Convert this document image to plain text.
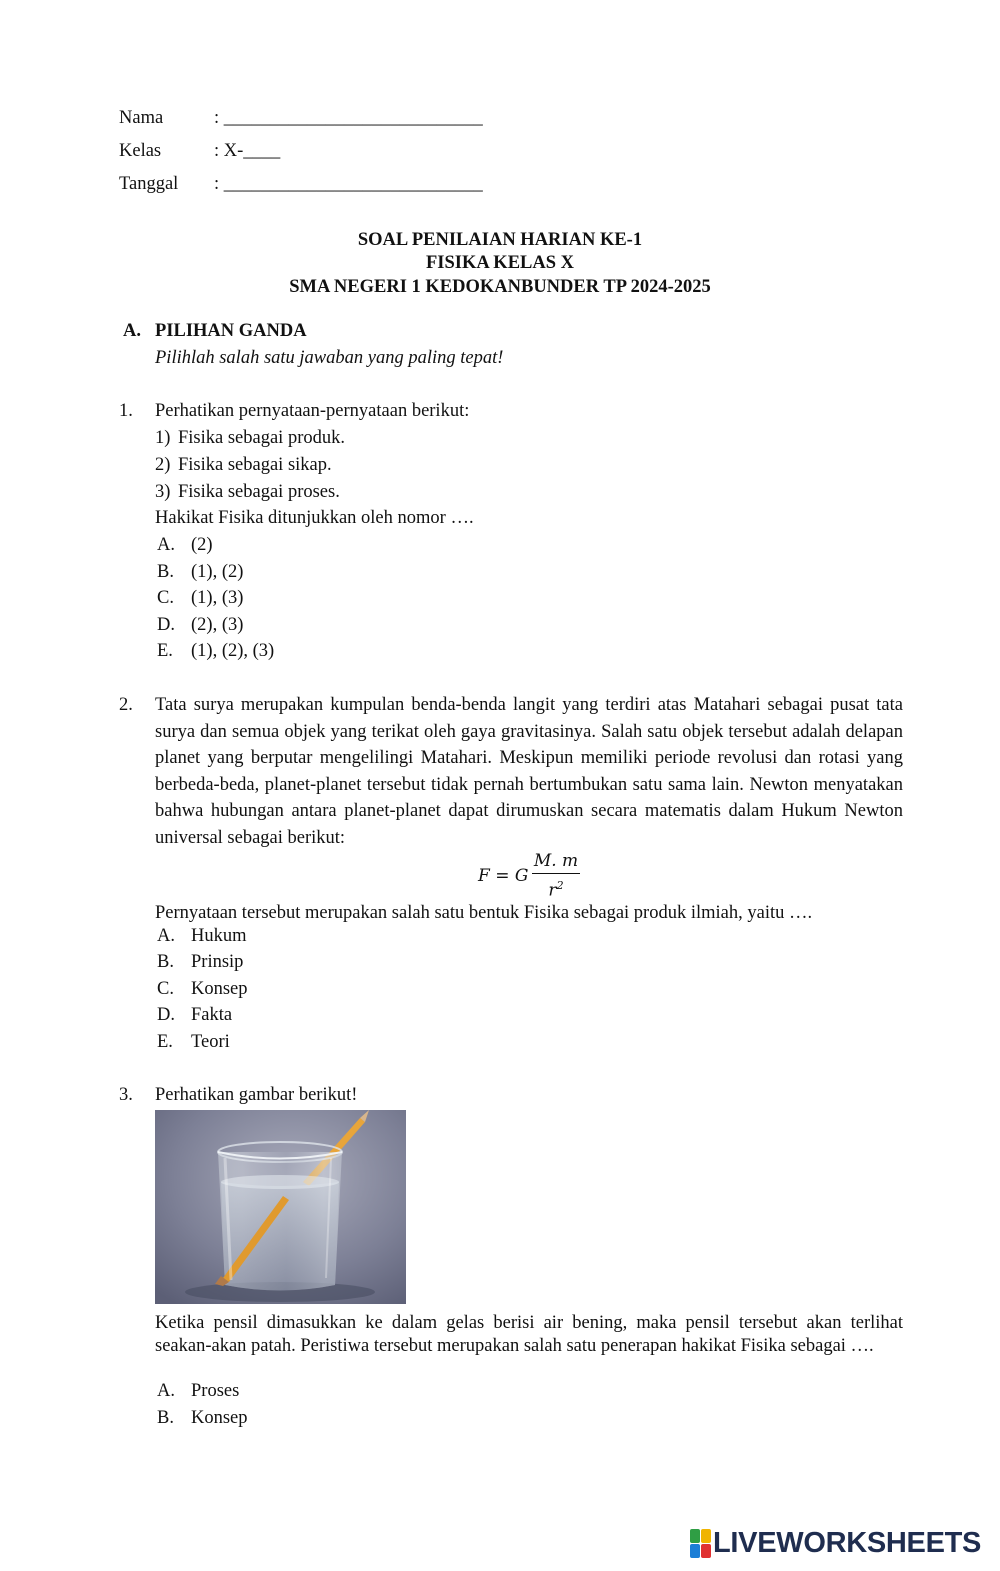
Nama	: ____________________________
Kelas	: X-____
Tanggal : ____________________________
SOAL PENILAIAN HARIAN KE-1
FISIKA KELAS X
SMA NEGERI 1 KEDOKANBUNDER TP 2024-2025
A. PILIHAN GANDA
Pilihlah salah satu jawaban yang paling tepat!
1. Perhatikan pernyataan-pernyataan berikut:
1) Fisika sebagai produk.
2) Fisika sebagai sikap.
3) Fisika sebagai proses.
Hakikat Fisika ditunjukkan oleh nomor ….
A. (2)
B. (1), (2)
C. (1), (3)
D. (2), (3)
E. (1), (2), (3)
2. Tata surya merupakan kumpulan benda-benda langit yang terdiri atas Matahari sebagai pusat tata surya dan semua objek yang terikat oleh gaya gravitasinya. Salah satu objek tersebut adalah delapan planet yang berputar mengelilingi Matahari. Meskipun memiliki periode revolusi dan rotasi yang berbeda-beda, planet-planet tersebut tidak pernah bertumbukan satu sama lain. Newton menyatakan bahwa hubungan antara planet-planet dapat dirumuskan secara matematis dalam Hukum Newton universal sebagai berikut:
F = G
M. m
$r^2$
Pernyataan tersebut merupakan salah satu bentuk Fisika sebagai produk ilmiah, yaitu ….
A. Hukum
B. Prinsip
C. Konsep
D. Fakta
E. Teori
3. Perhatikan gambar berikut!
Ketika pensil dimasukkan ke dalam gelas berisi air bening, maka pensil tersebut akan terlihat seakan-akan patah. Peristiwa tersebut merupakan salah satu penerapan hakikat Fisika sebagai ….
A. Proses
B. Konsep
LIVEWORKSHEETS
